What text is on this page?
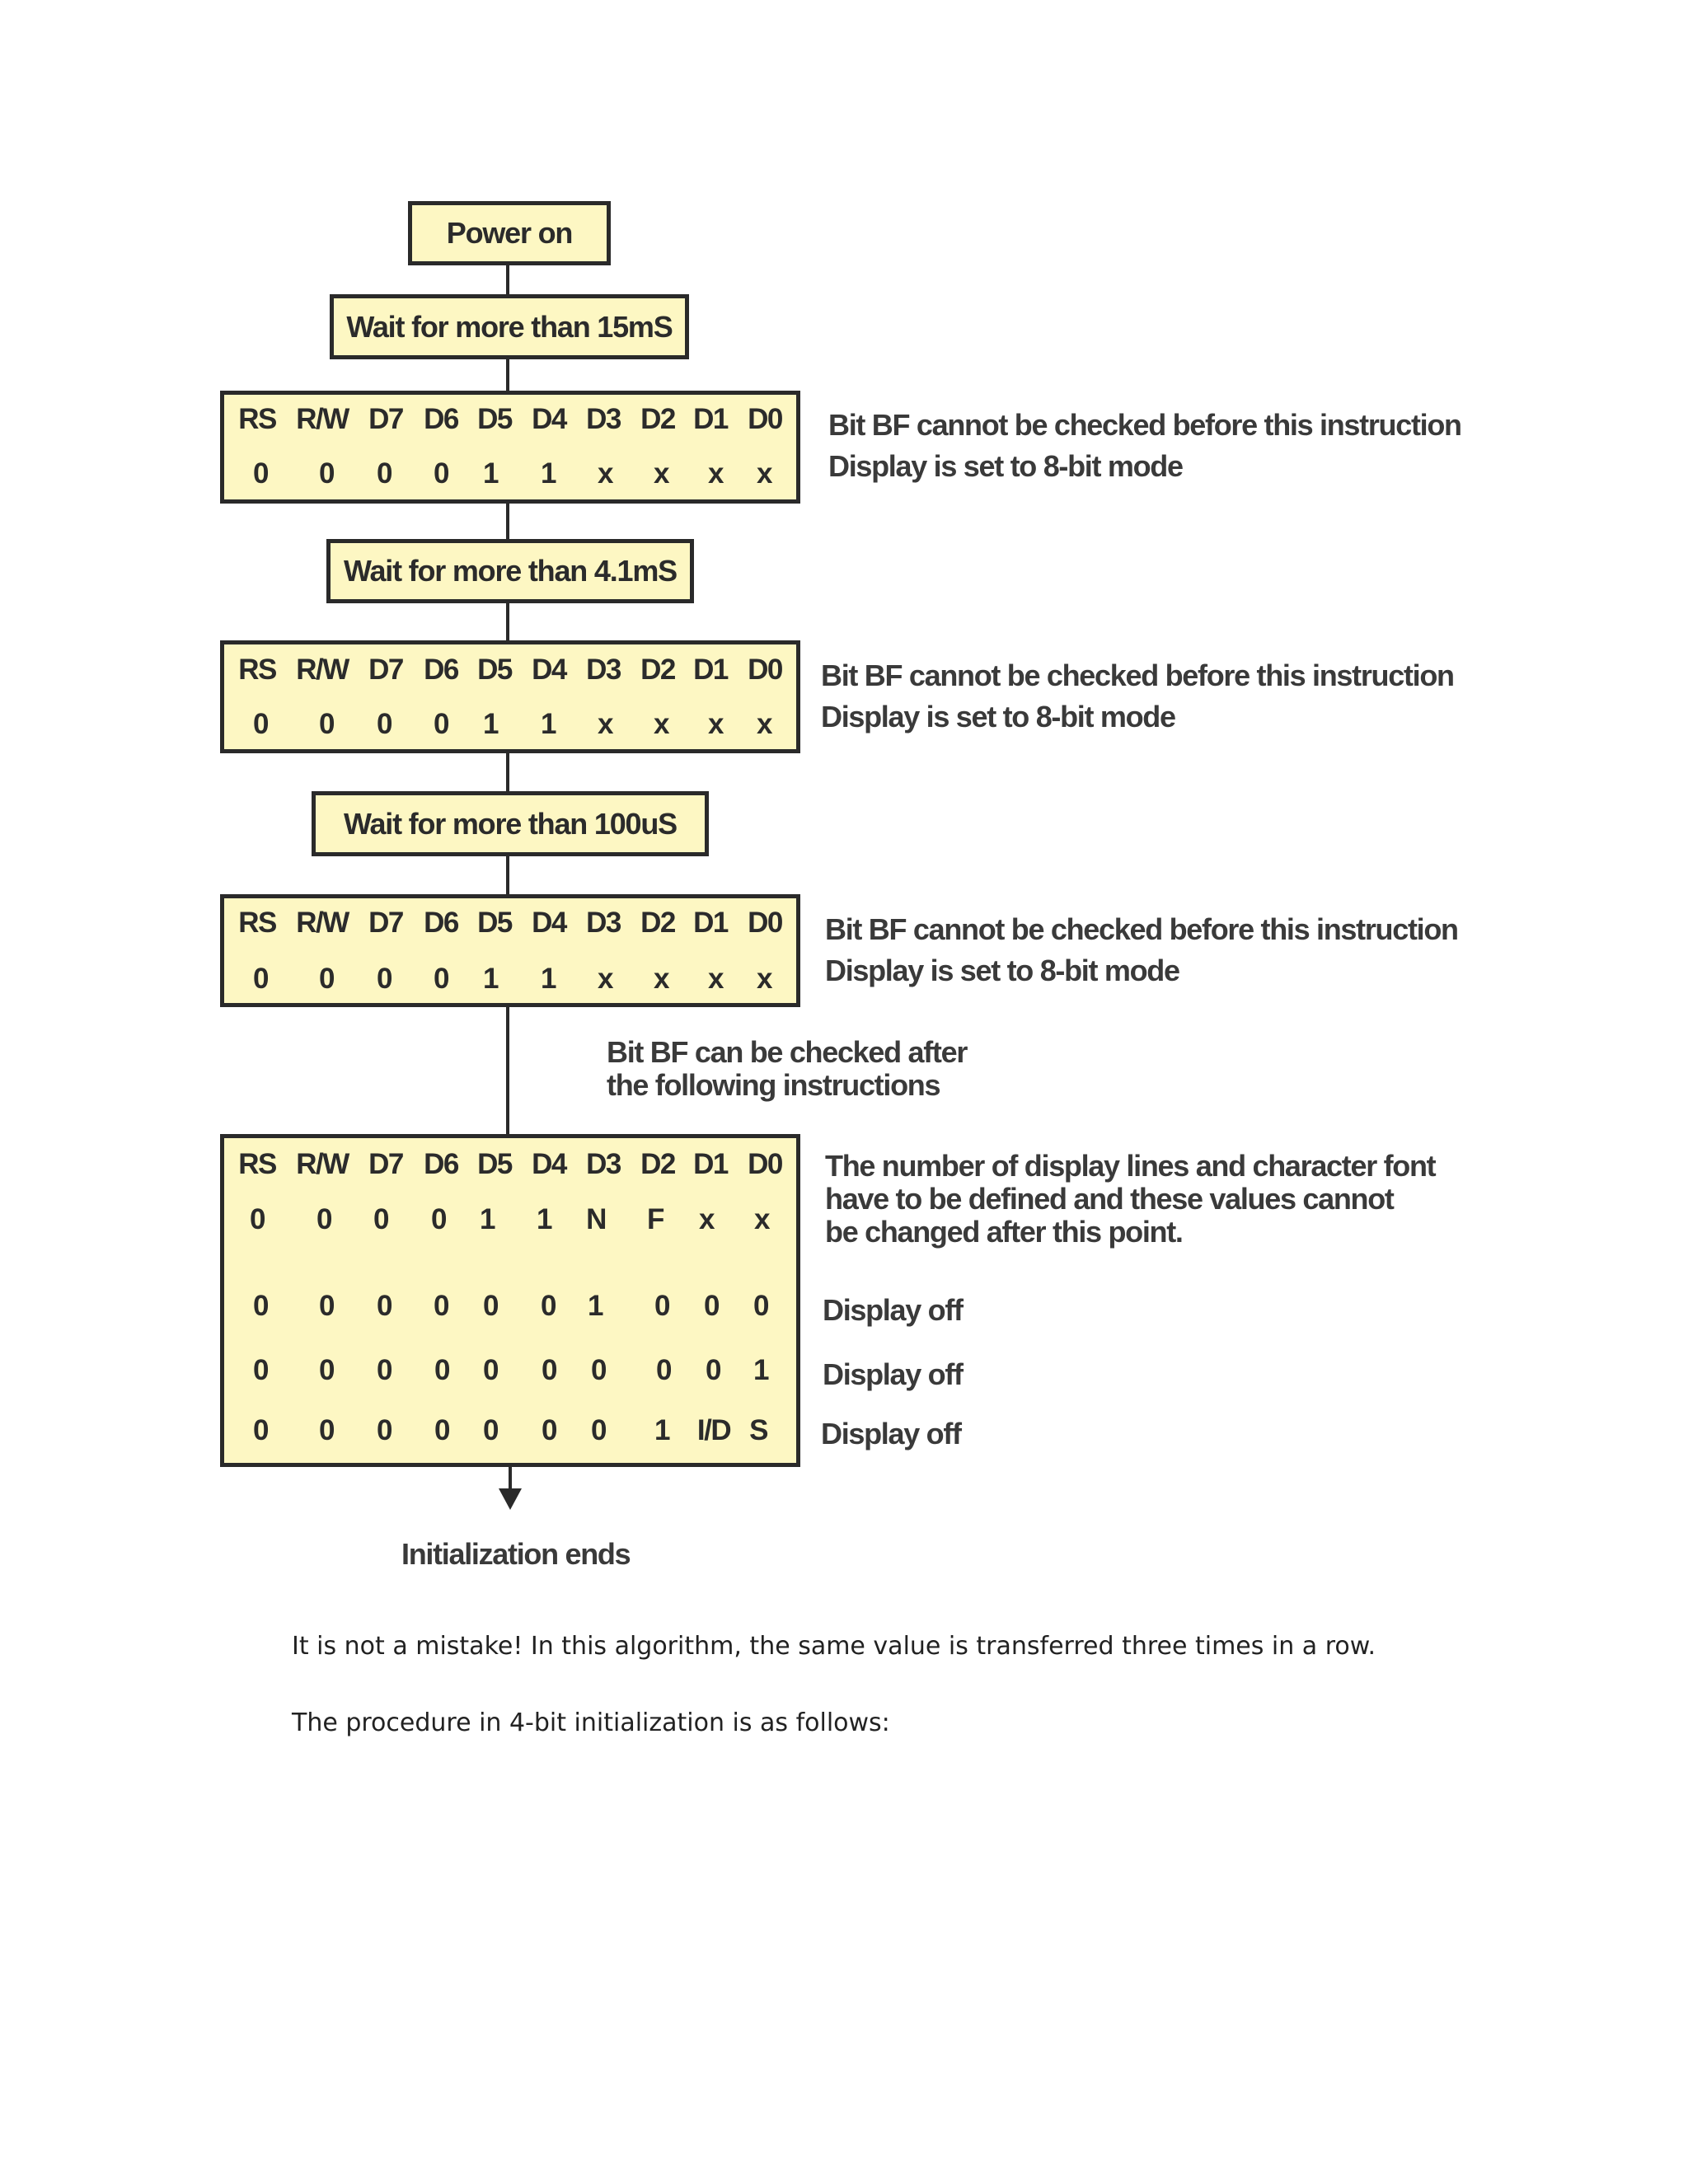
Power on
Wait for more than 15mS
Wait for more than 4.1mS
Wait for more than 100uS
RS R/W D7 D6 D5 D4 D3 D2 D1 D0
0	0	0	0	1	1	x	x	x	x
RS R/W D7 D6 D5 D4 D3 D2 D1 D0
0	0	0	0	1	1	x	x	x	x
RS R/W D7 D6 D5 D4 D3 D2 D1 D0
0	0	0	0	1	1	x	x	x	x
RS R/W D7 D6 D5 D4 D3 D2 D1 D0
0	0	0	0	1	1	N	F	x	x
0	0	0	0	0	0	1	0	0	0
0	0	0	0	0	0	0	0	0	1
0	0	0	0	0	0	0	1 I/D S
Bit BF cannot be checked before this instruction
Display is set to 8-bit mode
Bit BF cannot be checked before this instruction
Display is set to 8-bit mode
Bit BF cannot be checked before this instruction
Display is set to 8-bit mode
Bit BF can be checked after
the following instructions
The number of display lines and character font
have to be defined and these values cannot
be changed after this point.
Display off
Display off
Display off
Initialization ends
It is not a mistake! In this algorithm, the same value is transferred three times in a row.
The procedure in 4-bit initialization is as follows:
